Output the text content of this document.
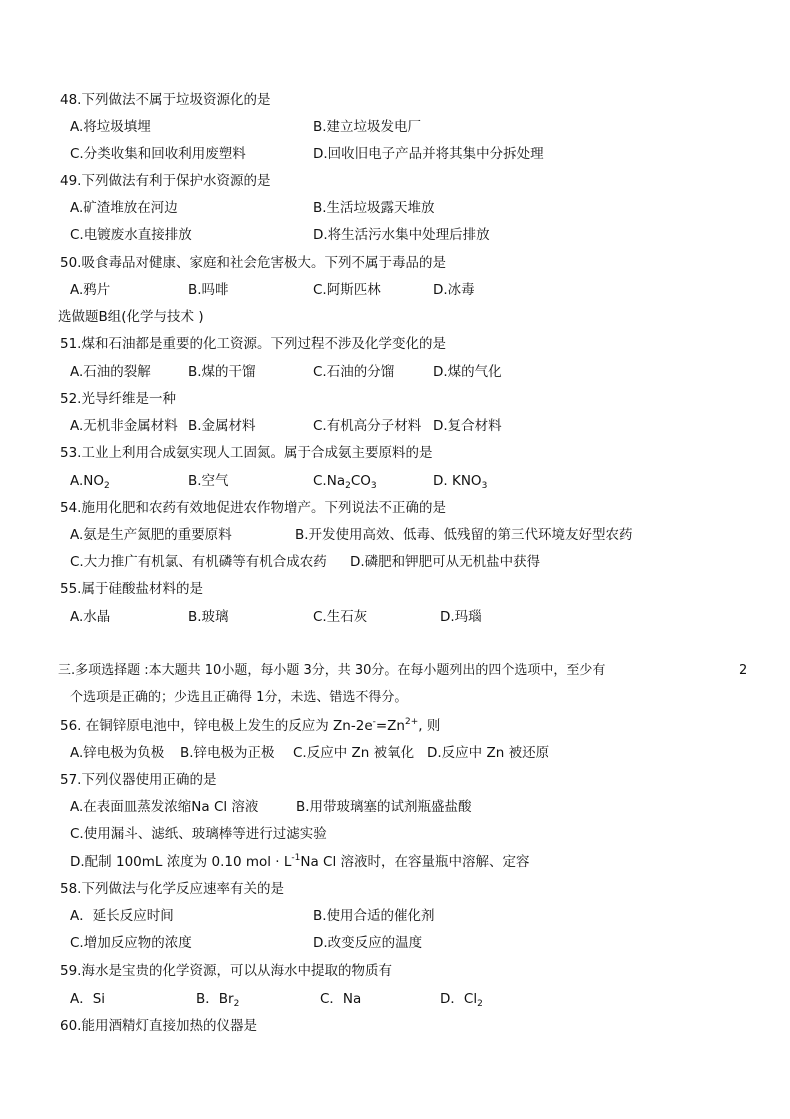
48.下列做法不属于垃圾资源化的是
A.将垃圾填埋	B.建立垃圾发电厂
C.分类收集和回收利用废塑料	D.回收旧电子产品并将其集中分拆处理
49.下列做法有利于保护水资源的是
A.矿渣堆放在河边	B.生活垃圾露天堆放
C.电镀废水直接排放	D.将生活污水集中处理后排放
50.吸食毒品对健康、家庭和社会危害极大。下列不属于毒品的是
A.鸦片	B.吗啡	C.阿斯匹林	D.冰毒
选做题B组(化学与技术 )
51.煤和石油都是重要的化工资源。下列过程不涉及化学变化的是
A.石油的裂解	B.煤的干馏	C.石油的分馏	D.煤的气化
52.光导纤维是一种
A.无机非金属材料 B.金属材料	C.有机高分子材料 D.复合材料
53.工业上利用合成氨实现人工固氮。属于合成氨主要原料的是
$A.NO_2$	B.空气	$C.Na_2CO_3$	D. $KNO_3$
54.施用化肥和农药有效地促进农作物增产。下列说法不正确的是
A.氨是生产氮肥的重要原料	B.开发使用高效、低毒、低残留的第三代环境友好型农药
C.大力推广有机氯、有机磷等有机合成农药 D.磷肥和钾肥可从无机盐中获得
55.属于硅酸盐材料的是
A.水晶	B.玻璃	C.生石灰	D.玛瑙
三.多项选择题 :本大题共 10小题，每小题 3分，共 30分。在每小题列出的四个选项中，至少有	2
个选项是正确的；少选且正确得 1分，未选、错选不得分。
56. 在铜锌原电池中，锌电极上发生的反应为 $Zn-2e^-=Zn^{2+}$, 则
A.锌电极为负极 B.锌电极为正极 C.反应中 Zn 被氧化 D.反应中 Zn 被还原
57.下列仪器使用正确的是
A.在表面皿蒸发浓缩Na Cl 溶液	B.用带玻璃塞的试剂瓶盛盐酸
C.使用漏斗、滤纸、玻璃棒等进行过滤实验
D.配制 100mL 浓度为 0.10 mol · $L^{-1}Na$ Cl 溶液时，在容量瓶中溶解、定容
58.下列做法与化学反应速率有关的是
A．延长反应时间	B.使用合适的催化剂
C.增加反应物的浓度	D.改变反应的温度
59.海水是宝贵的化学资源，可以从海水中提取的物质有
A．Si	B．$Br_2$	C．Na	D．$Cl_2$
60.能用酒精灯直接加热的仪器是
